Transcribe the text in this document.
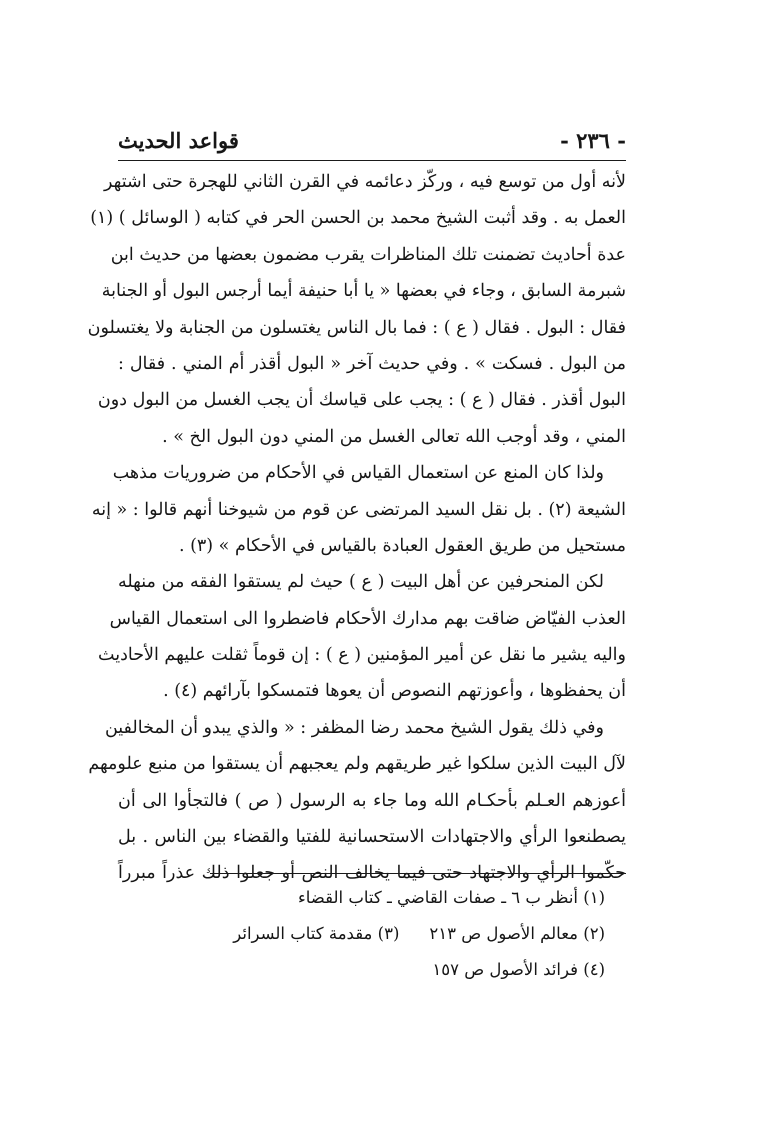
- ٢٣٦ -
قواعد الحديث
لأنه أول من توسع فيه ، وركّز دعائمه في القرن الثاني للهجرة حتى اشتهر
العمل به . وقد أثبت الشيخ محمد بن الحسن الحر في كتابه ( الوسائل ) (١)
عدة أحاديث تضمنت تلك المناظرات يقرب مضمون بعضها من حديث ابن
شبرمة السابق ، وجاء في بعضها « يا أبا حنيفة أيما أرجس البول أو الجنابة
فقال : البول . فقال ( ع ) : فما بال الناس يغتسلون من الجنابة ولا يغتسلون
من البول . فسكت » . وفي حديث آخر « البول أقذر أم المني . فقال :
البول أقذر . فقال ( ع ) : يجب على قياسك أن يجب الغسل من البول دون
المني ، وقد أوجب الله تعالى الغسل من المني دون البول الخ » .
ولذا كان المنع عن استعمال القياس في الأحكام من ضروريات مذهب
الشيعة (٢) . بل نقل السيد المرتضى عن قوم من شيوخنا أنهم قالوا : « إنه
مستحيل من طريق العقول العبادة بالقياس في الأحكام » (٣) .
لكن المنحرفين عن أهل البيت ( ع ) حيث لم يستقوا الفقه من منهله
العذب الفيّاض ضاقت بهم مدارك الأحكام فاضطروا الى استعمال القياس
واليه يشير ما نقل عن أمير المؤمنين ( ع ) : إن قوماً ثقلت عليهم الأحاديث
أن يحفظوها ، وأعوزتهم النصوص أن يعوها فتمسكوا بآرائهم (٤) .
وفي ذلك يقول الشيخ محمد رضا المظفر : « والذي يبدو أن المخالفين
لآل البيت الذين سلكوا غير طريقهم ولم يعجبهم أن يستقوا من منبع علومهم
أعوزهم العـلم بأحكـام الله وما جاء به الرسول ( ص ) فالتجأوا الى أن
يصطنعوا الرأي والاجتهادات الاستحسانية للفتيا والقضاء بين الناس . بل
حكّموا الرأي والاجتهاد حتى فيما يخالف النص أو جعلوا ذلك عذراً مبرراً
(١) أنظر ب ٦ ـ صفات القاضي ـ كتاب القضاء
(٢) معالم الأصول ص ٢١٣(٣) مقدمة كتاب السرائر
(٤) فرائد الأصول ص ١٥٧
